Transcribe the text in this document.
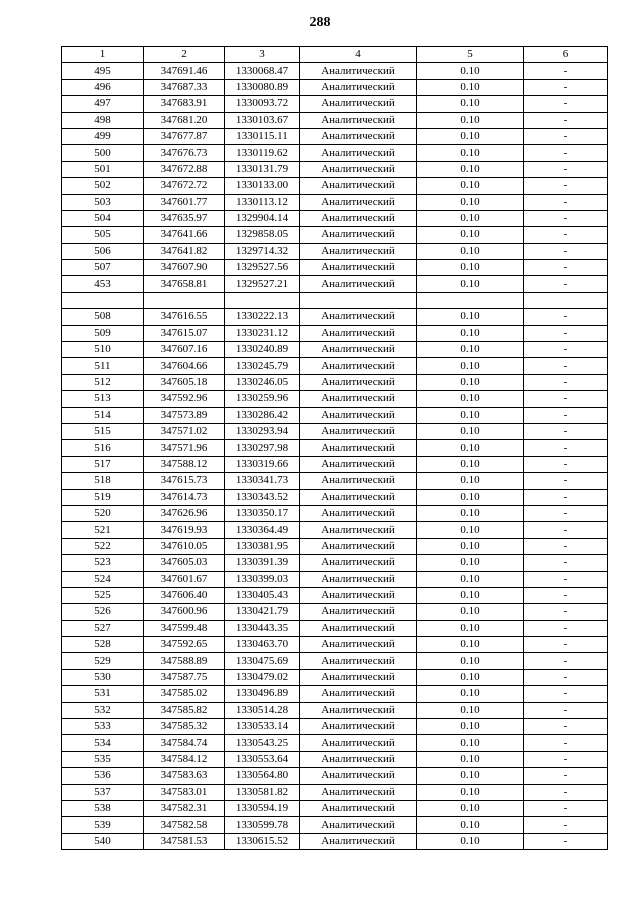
288
1	2	3	4	5	6
495	347691.46	1330068.47	Аналитический	0.10	-
496	347687.33	1330080.89	Аналитический	0.10	-
497	347683.91	1330093.72	Аналитический	0.10	-
498	347681.20	1330103.67	Аналитический	0.10	-
499	347677.87	1330115.11	Аналитический	0.10	-
500	347676.73	1330119.62	Аналитический	0.10	-
501	347672.88	1330131.79	Аналитический	0.10	-
502	347672.72	1330133.00	Аналитический	0.10	-
503	347601.77	1330113.12	Аналитический	0.10	-
504	347635.97	1329904.14	Аналитический	0.10	-
505	347641.66	1329858.05	Аналитический	0.10	-
506	347641.82	1329714.32	Аналитический	0.10	-
507	347607.90	1329527.56	Аналитический	0.10	-
453	347658.81	1329527.21	Аналитический	0.10	-

508	347616.55	1330222.13	Аналитический	0.10	-
509	347615.07	1330231.12	Аналитический	0.10	-
510	347607.16	1330240.89	Аналитический	0.10	-
511	347604.66	1330245.79	Аналитический	0.10	-
512	347605.18	1330246.05	Аналитический	0.10	-
513	347592.96	1330259.96	Аналитический	0.10	-
514	347573.89	1330286.42	Аналитический	0.10	-
515	347571.02	1330293.94	Аналитический	0.10	-
516	347571.96	1330297.98	Аналитический	0.10	-
517	347588.12	1330319.66	Аналитический	0.10	-
518	347615.73	1330341.73	Аналитический	0.10	-
519	347614.73	1330343.52	Аналитический	0.10	-
520	347626.96	1330350.17	Аналитический	0.10	-
521	347619.93	1330364.49	Аналитический	0.10	-
522	347610.05	1330381.95	Аналитический	0.10	-
523	347605.03	1330391.39	Аналитический	0.10	-
524	347601.67	1330399.03	Аналитический	0.10	-
525	347606.40	1330405.43	Аналитический	0.10	-
526	347600.96	1330421.79	Аналитический	0.10	-
527	347599.48	1330443.35	Аналитический	0.10	-
528	347592.65	1330463.70	Аналитический	0.10	-
529	347588.89	1330475.69	Аналитический	0.10	-
530	347587.75	1330479.02	Аналитический	0.10	-
531	347585.02	1330496.89	Аналитический	0.10	-
532	347585.82	1330514.28	Аналитический	0.10	-
533	347585.32	1330533.14	Аналитический	0.10	-
534	347584.74	1330543.25	Аналитический	0.10	-
535	347584.12	1330553.64	Аналитический	0.10	-
536	347583.63	1330564.80	Аналитический	0.10	-
537	347583.01	1330581.82	Аналитический	0.10	-
538	347582.31	1330594.19	Аналитический	0.10	-
539	347582.58	1330599.78	Аналитический	0.10	-
540	347581.53	1330615.52	Аналитический	0.10	-
